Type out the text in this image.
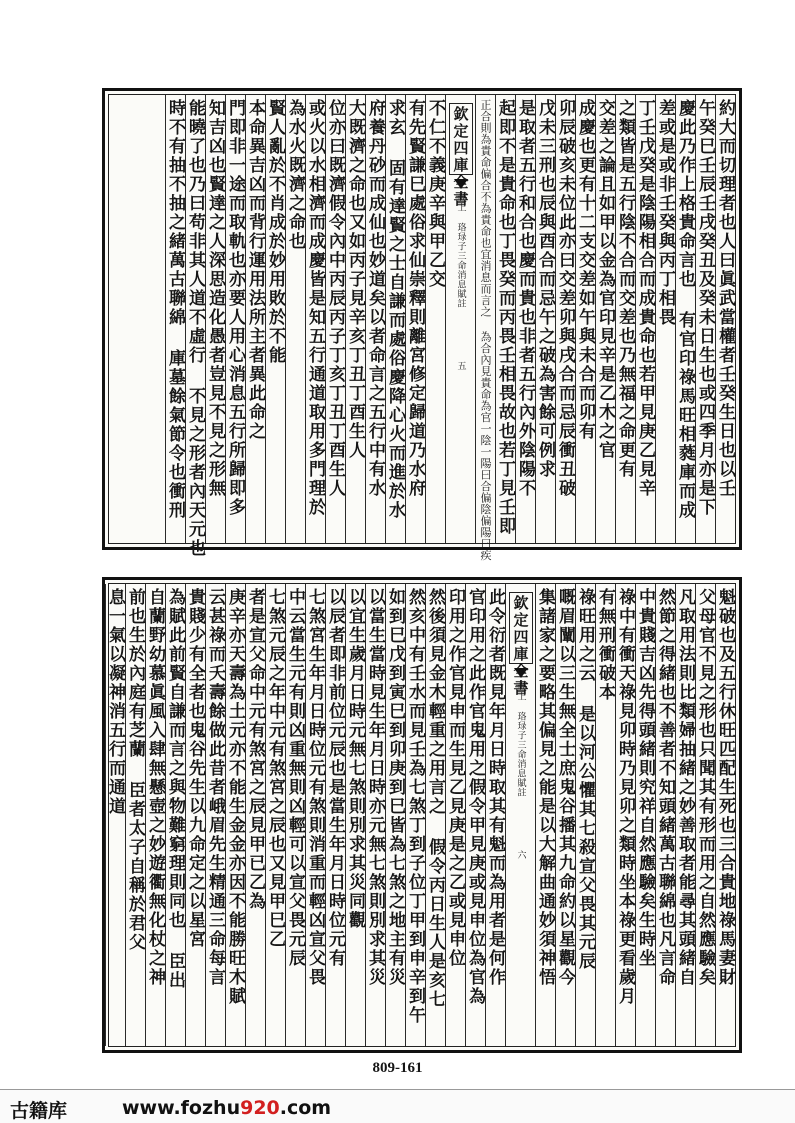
約大而切理者也人曰眞武當權者壬癸生日也以壬
午癸巳壬辰壬戌癸丑及癸未日生也或四季月亦是下
慶此乃作上格貴命言也 有官印祿馬旺相蕤庫而成
差或是或非壬癸與丙丁相畏
丁壬戊癸是陰陽相合而成貴命也若甲見庚乙見辛
之類皆是五行陰不合而交差也乃無福之命更有
交差之論且如甲以金為官印見辛是乙木之官
成慶也更有十二支交差如午與未合而卯有
卯辰破亥未位此亦曰交差卯與戌合而忌辰衝丑破
戊未三刑也辰與酉合而忌午之破為害餘可例求
是取者五行和合也慶而貴也非者五行內外陰陽不
起即不是貴命也丁畏癸而丙畏壬相畏故也若丁見壬即
正合則為貴命偏合不為貴命也宜消息而言之 為合內見貴命為官一陰一陽曰合偏陰偏陽曰疾
欽定四庫全書
卷上 珞琭子三命消息賦註
五
不仁不義庚辛與甲乙交
有先賢謙巳處俗求仙崇釋則離宮修定歸道乃水府
求玄 固有達賢之士自謙而處俗慶降心火而進於水
府養丹砂而成仙也妙道矣以者命言之五行中有水
大既濟之命也又如丙子見辛亥丁丑丁酉生人
位亦曰既濟假令內中丙辰丙子丁亥丁丑丁酉生人
或火以水相濟而成慶皆是知五行通道取用多門理於
為水火既濟之命也
賢人亂於不肖成於妙用敗於不能
本命異吉凶而背行運用法所主者異此命之
門即非一途而取軌也亦要人用心消息五行所歸即多
知吉凶也賢達之人深思造化愚者豈見不見之形無
能曉了也乃曰苟非其人道不虛行 不見之形者內天元也
時不有抽不抽之緒萬古聯綿 庫墓餘氣節令也衝刑
魁破也及五行休旺匹配生死也三合貴地祿馬妻財
父母官不見之形也只聞其有形而用之自然應驗矣
凡取用法則比類婦抽緒之妙善取者能尋其頭緒自
然節之得緒也不善者不知頭緒萬古聯綿也凡言命
中貴賤吉凶先得頭緒則究祥自然應驗矣生時坐
祿中有衝天祿見卯時乃見卯之類時坐本祿更看歲月
有無刑衝破本
祿旺用之云 是以河公懼其七殺宣父畏其元辰
嘅眉闡以三生無全士庶鬼谷播其九命約以星觀今
集諸家之要略其偏見之能是以大解曲通妙須神悟
欽定四庫全書
卷上 珞琭子三命消息賦註
六
此令衍者既見年月日時取其有魁而為用者是何作
官印用之此作官鬼用之假令甲見庚或見申位為官為
印用之作官見申而生見乙見庚是之乙或見申位
然後須見金木輕重之用言之 假令丙日生人是亥七
然亥中有壬水而見壬為七煞丁到子位丁甲到申辛到午
如到巳戊到寅巳到卯庚到巳皆為七煞之地主有災
以當生當時見生年月日時亦元無七煞則別求其災
以宜生歲月日時元無七煞則別求其災同觀
以辰者即非前位元辰也是當生年月日時位元有
七煞宮生年月日時位元有煞則消重而輕凶宣父畏
中云當生元有則凶重無則凶輕可以宣父畏元辰
七煞元辰之年中元有煞宮之辰也又見甲巳乙
者是宣父命中元有煞宮之辰見甲已乙為
庚辛亦天壽為土元亦不能生金金亦因不能勝旺木賦
云甚祿而夭壽餘做此昔者峨眉先生精通三命每言
貴賤少有全者也鬼谷先生以九命定之以星宮
為賦此前賢自謙而言之與物難窮理則同也 臣出
自蘭野幼慕眞風入肆無懸壺之妙遊衢無化杖之神
前也生於內庭有芝蘭 臣者太子自稱於君父
息一氣以凝神消五行而通道
809-161
古籍库	www.fozhu920.com
